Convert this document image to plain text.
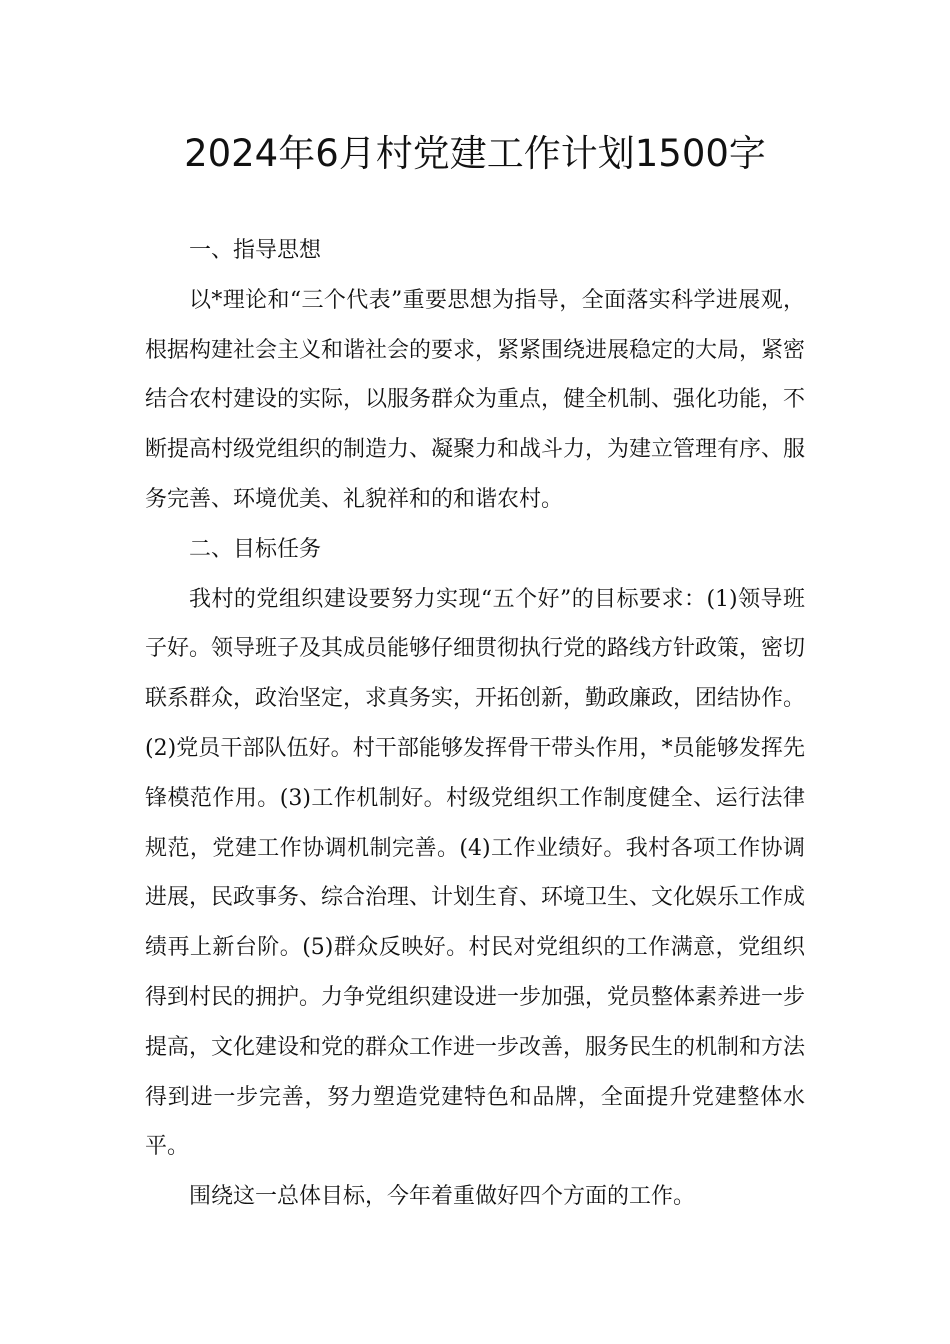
2024年6月村党建工作计划1500字

一、指导思想

以*理论和“三个代表”重要思想为指导，全面落实科学进展观，根据构建社会主义和谐社会的要求，紧紧围绕进展稳定的大局，紧密结合农村建设的实际，以服务群众为重点，健全机制、强化功能，不断提高村级党组织的制造力、凝聚力和战斗力，为建立管理有序、服务完善、环境优美、礼貌祥和的和谐农村。

二、目标任务

我村的党组织建设要努力实现“五个好”的目标要求：(1)领导班子好。领导班子及其成员能够仔细贯彻执行党的路线方针政策，密切联系群众，政治坚定，求真务实，开拓创新，勤政廉政，团结协作。(2)党员干部队伍好。村干部能够发挥骨干带头作用，*员能够发挥先锋模范作用。(3)工作机制好。村级党组织工作制度健全、运行法律规范，党建工作协调机制完善。(4)工作业绩好。我村各项工作协调进展，民政事务、综合治理、计划生育、环境卫生、文化娱乐工作成绩再上新台阶。(5)群众反映好。村民对党组织的工作满意，党组织得到村民的拥护。力争党组织建设进一步加强，党员整体素养进一步提高，文化建设和党的群众工作进一步改善，服务民生的机制和方法得到进一步完善，努力塑造党建特色和品牌，全面提升党建整体水平。

围绕这一总体目标，今年着重做好四个方面的工作。
